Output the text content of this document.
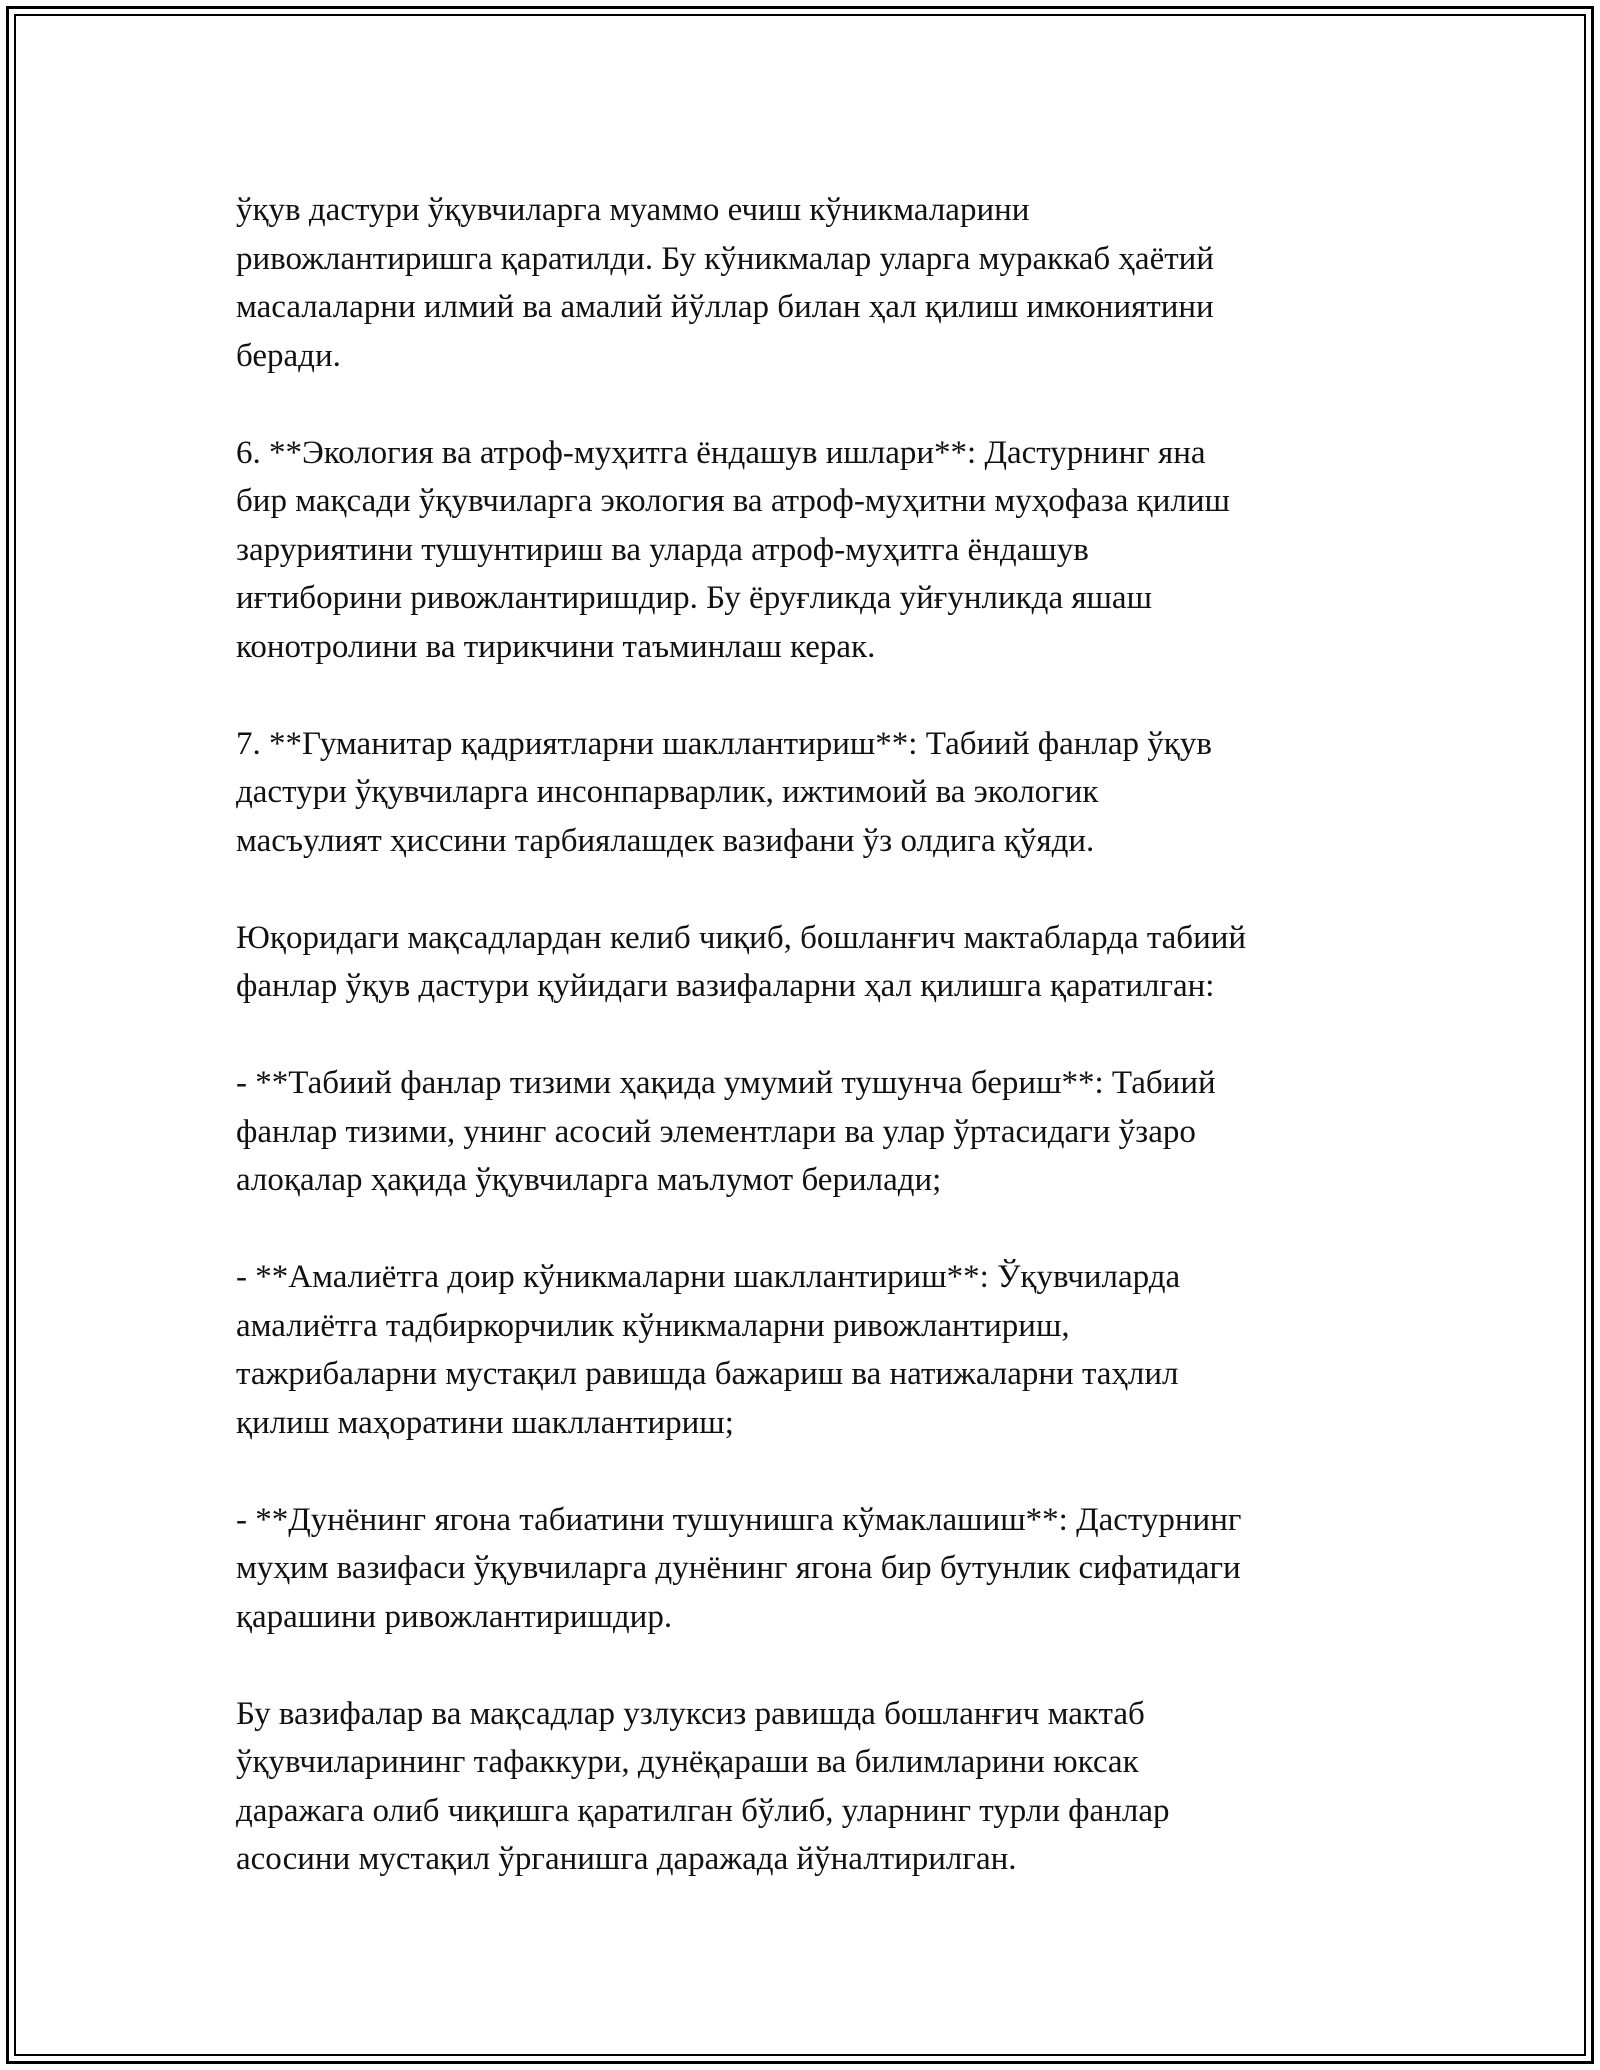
ўқув дастури ўқувчиларга муаммо ечиш кўникмаларини
ривожлантиришга қаратилди. Бу кўникмалар уларга мураккаб ҳаётий
масалаларни илмий ва амалий йўллар билан ҳал қилиш имкониятини
беради.

6. **Экология ва атроф-муҳитга ёндашув ишлари**: Дастурнинг яна
бир мақсади ўқувчиларга экология ва атроф-муҳитни муҳофаза қилиш
заруриятини тушунтириш ва уларда атроф-муҳитга ёндашув
иғтиборини ривожлантиришдир. Бу ёруғликда уйғунликда яшаш
конотролини ва тирикчини таъминлаш керак.

7. **Гуманитар қадриятларни шакллантириш**: Табиий фанлар ўқув
дастури ўқувчиларга инсонпарварлик, ижтимоий ва экологик
масъулият ҳиссини тарбиялашдек вазифани ўз олдига қўяди.

Юқоридаги мақсадлардан келиб чиқиб, бошланғич мактабларда табиий
фанлар ўқув дастури қуйидаги вазифаларни ҳал қилишга қаратилган:

- **Табиий фанлар тизими ҳақида умумий тушунча бериш**: Табиий
фанлар тизими, унинг асосий элементлари ва улар ўртасидаги ўзаро
алоқалар ҳақида ўқувчиларга маълумот берилади;

- **Амалиётга доир кўникмаларни шакллантириш**: Ўқувчиларда
амалиётга тадбиркорчилик кўникмаларни ривожлантириш,
тажрибаларни мустақил равишда бажариш ва натижаларни таҳлил
қилиш маҳоратини шакллантириш;

- **Дунёнинг ягона табиатини тушунишга кўмаклашиш**: Дастурнинг
муҳим вазифаси ўқувчиларга дунёнинг ягона бир бутунлик сифатидаги
қарашини ривожлантиришдир.

Бу вазифалар ва мақсадлар узлуксиз равишда бошланғич мактаб
ўқувчиларининг тафаккури, дунёқараши ва билимларини юксак
даражага олиб чиқишга қаратилган бўлиб, уларнинг турли фанлар
асосини мустақил ўрганишга даражада йўналтирилган.
